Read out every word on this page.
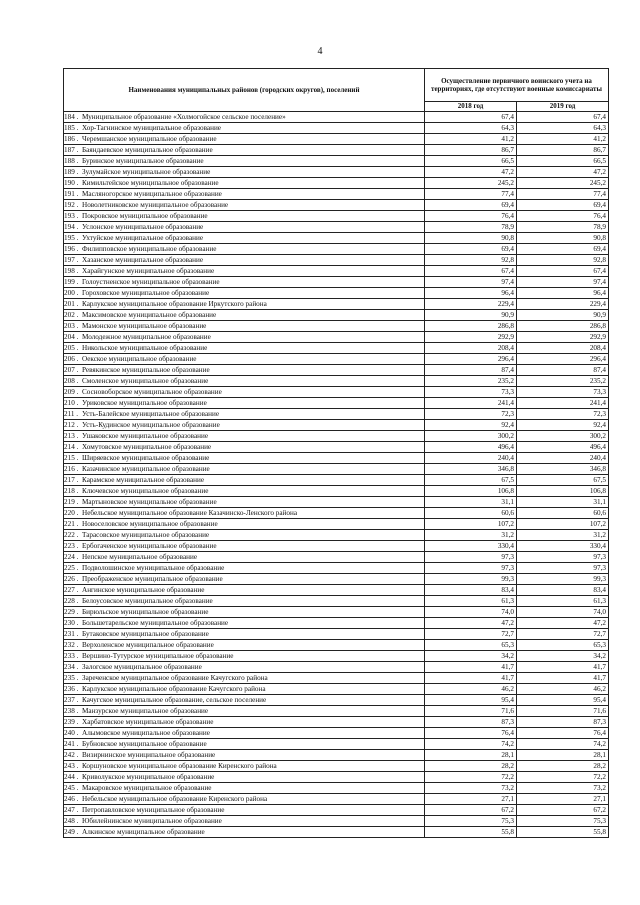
4
Наименования муниципальных районов (городских округов), поселений	Осуществление первичного воинского учета на территориях, где отсутствуют военные комиссариаты	
	2018 год	2019 год
184 . Муниципальное образование «Холмогойское сельское поселение»	67,4	67,4
185 . Хор-Тагнинское муниципальное образование	64,3	64,3
186 . Черемшанское муниципальное образование	41,2	41,2
187 . Баяндаевское муниципальное образование	86,7	86,7
188 . Буринское муниципальное образование	66,5	66,5
189 . Зулумайское муниципальное образование	47,2	47,2
190 . Кимильтейское муниципальное образование	245,2	245,2
191 . Масляногорское муниципальное образование	77,4	77,4
192 . Новолетниковское муниципальное образование	69,4	69,4
193 . Покровское муниципальное образование	76,4	76,4
194 . Услонское муниципальное образование	78,9	78,9
195 . Ухтуйское муниципальное образование	90,8	90,8
196 . Филипповское муниципальное образование	69,4	69,4
197 . Хазанское муниципальное образование	92,8	92,8
198 . Харайгунское муниципальное образование	67,4	67,4
199 . Голоустненское муниципальное образование	97,4	97,4
200 . Гороховское муниципальное образование	96,4	96,4
201 . Карлукское муниципальное образование Иркутского района	229,4	229,4
202 . Максимовское муниципальное образование	90,9	90,9
203 . Мамонское муниципальное образование	286,8	286,8
204 . Молодежное муниципальное образование	292,9	292,9
205 . Никольское муниципальное образование	208,4	208,4
206 . Оекское муниципальное образование	296,4	296,4
207 . Ревякинское муниципальное образование	87,4	87,4
208 . Смоленское муниципальное образование	235,2	235,2
209 . Сосновоборское муниципальное образование	73,3	73,3
210 . Уриковское муниципальное образование	241,4	241,4
211 . Усть-Балейское муниципальное образование	72,3	72,3
212 . Усть-Кудинское муниципальное образование	92,4	92,4
213 . Ушаковское муниципальное образование	300,2	300,2
214 . Хомутовское муниципальное образование	496,4	496,4
215 . Ширяевское муниципальное образование	240,4	240,4
216 . Казачинское муниципальное образование	346,8	346,8
217 . Карамское муниципальное образование	67,5	67,5
218 . Ключевское муниципальное образование	106,8	106,8
219 . Мартыновское муниципальное образование	31,1	31,1
220 . Небельское муниципальное образование Казачинско-Ленского района	60,6	60,6
221 . Новоселовское муниципальное образование	107,2	107,2
222 . Тарасовское муниципальное образование	31,2	31,2
223 . Ербогаченское муниципальное образование	330,4	330,4
224 . Непское муниципальное образование	97,3	97,3
225 . Подволошинское муниципальное образование	97,3	97,3
226 . Преображенское муниципальное образование	99,3	99,3
227 . Ангинское муниципальное образование	83,4	83,4
228 . Белоусовское муниципальное образование	61,3	61,3
229 . Бирюльское муниципальное образование	74,0	74,0
230 . Большетарельское муниципальное образование	47,2	47,2
231 . Бутаковское муниципальное образование	72,7	72,7
232 . Верхоленское муниципальное образование	65,3	65,3
233 . Вершино-Тутурское муниципальное образование	34,2	34,2
234 . Залогское муниципальное образование	41,7	41,7
235 . Зареченское муниципальное образование Качугского района	41,7	41,7
236 . Карлукское муниципальное образование Качугского района	46,2	46,2
237 . Качугское муниципальное образование, сельское поселение	95,4	95,4
238 . Манзурское муниципальное образование	71,6	71,6
239 . Харбатовское муниципальное образование	87,3	87,3
240 . Алымовское муниципальное образование	76,4	76,4
241 . Бубновское муниципальное образование	74,2	74,2
242 . Визирнинское муниципальное образование	28,1	28,1
243 . Коршуновское муниципальное образование Киренского района	28,2	28,2
244 . Криволукское муниципальное образование	72,2	72,2
245 . Макаровское муниципальное образование	73,2	73,2
246 . Небельское муниципальное образование Киренского района	27,1	27,1
247 . Петропавловское муниципальное образование	67,2	67,2
248 . Юбилейнинское муниципальное образование	75,3	75,3
249 . Алкинское муниципальное образование	55,8	55,8
